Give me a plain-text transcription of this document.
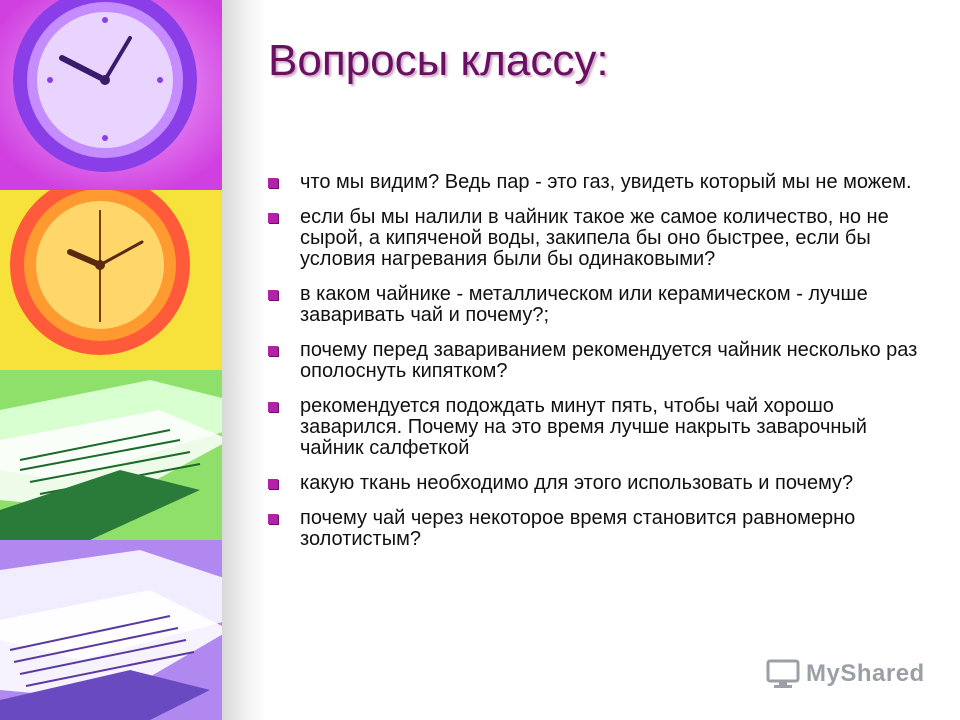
Вопросы классу:
что мы видим? Ведь пар - это газ, увидеть который мы не можем.
если бы мы налили в чайник такое же самое количество, но не сырой, а кипяченой воды, закипела бы оно быстрее, если бы условия нагревания были бы одинаковыми?
в каком чайнике - металлическом или керамическом - лучше заваривать чай и почему?;
почему перед завариванием рекомендуется чайник несколько раз ополоснуть кипятком?
рекомендуется подождать минут пять, чтобы чай хорошо заварился. Почему на это время лучше накрыть заварочный чайник салфеткой
какую ткань необходимо для этого использовать и почему?
почему чай через некоторое время становится равномерно золотистым?
MyShared
